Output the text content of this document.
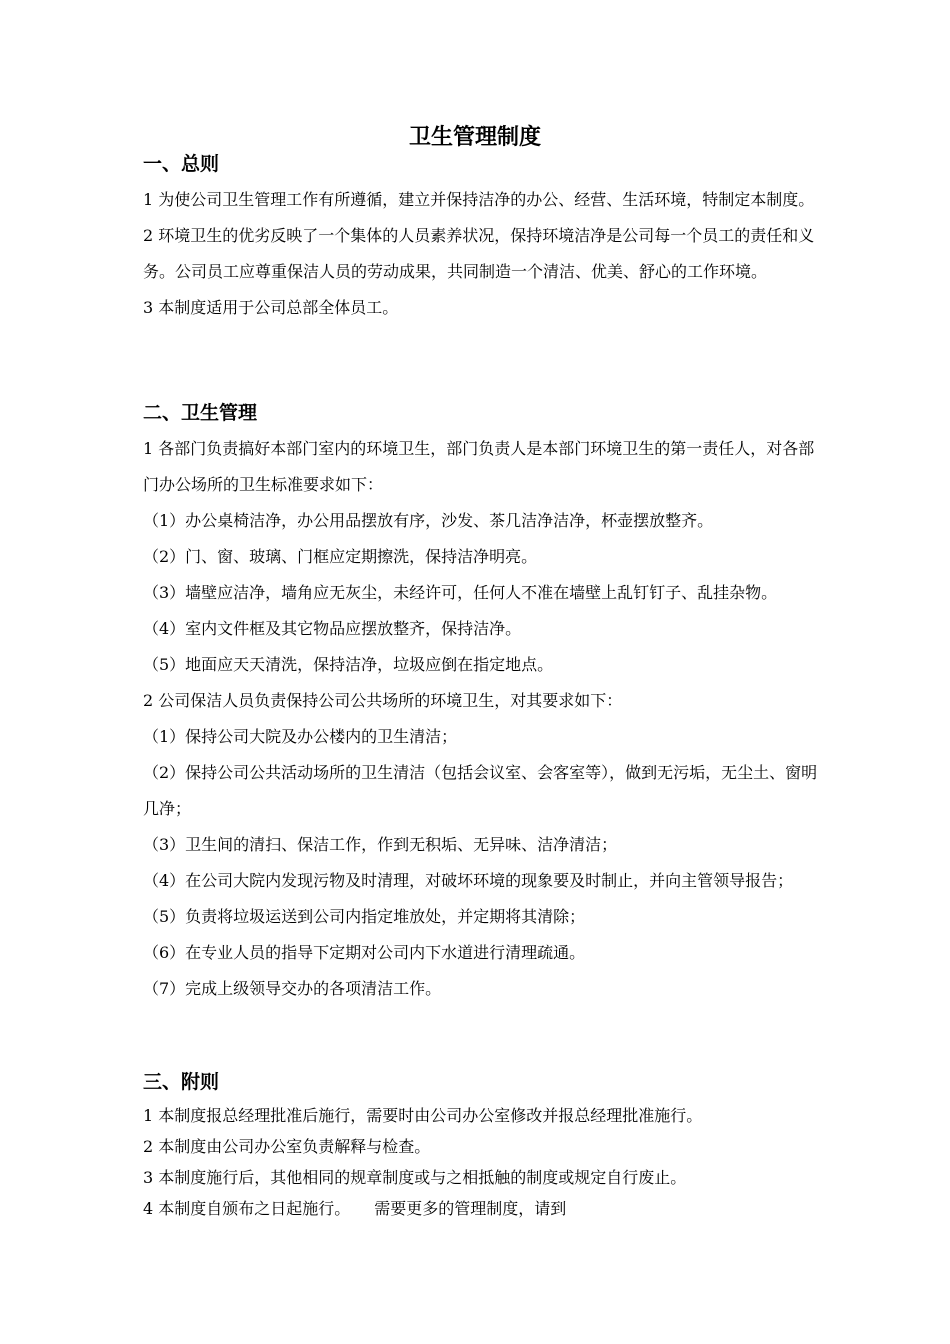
卫生管理制度
一、总则
1 为使公司卫生管理工作有所遵循，建立并保持洁净的办公、经营、生活环境，特制定本制度。
2 环境卫生的优劣反映了一个集体的人员素养状况，保持环境洁净是公司每一个员工的责任和义务。公司员工应尊重保洁人员的劳动成果，共同制造一个清洁、优美、舒心的工作环境。
3 本制度适用于公司总部全体员工。
二、卫生管理
1 各部门负责搞好本部门室内的环境卫生，部门负责人是本部门环境卫生的第一责任人，对各部门办公场所的卫生标准要求如下：
（1）办公桌椅洁净，办公用品摆放有序，沙发、茶几洁净洁净，杯壶摆放整齐。
（2）门、窗、玻璃、门框应定期擦洗，保持洁净明亮。
（3）墙壁应洁净，墙角应无灰尘，未经许可，任何人不准在墙壁上乱钉钉子、乱挂杂物。
（4）室内文件框及其它物品应摆放整齐，保持洁净。
（5）地面应天天清洗，保持洁净，垃圾应倒在指定地点。
2 公司保洁人员负责保持公司公共场所的环境卫生，对其要求如下：
（1）保持公司大院及办公楼内的卫生清洁；
（2）保持公司公共活动场所的卫生清洁（包括会议室、会客室等），做到无污垢，无尘土、窗明几净；
（3）卫生间的清扫、保洁工作，作到无积垢、无异味、洁净清洁；
（4）在公司大院内发现污物及时清理，对破坏环境的现象要及时制止，并向主管领导报告；
（5）负责将垃圾运送到公司内指定堆放处，并定期将其清除；
（6）在专业人员的指导下定期对公司内下水道进行清理疏通。
（7）完成上级领导交办的各项清洁工作。
三、附则
1 本制度报总经理批准后施行，需要时由公司办公室修改并报总经理批准施行。
2 本制度由公司办公室负责解释与检查。
3 本制度施行后，其他相同的规章制度或与之相抵触的制度或规定自行废止。
4 本制度自颁布之日起施行。　　需要更多的管理制度，请到
